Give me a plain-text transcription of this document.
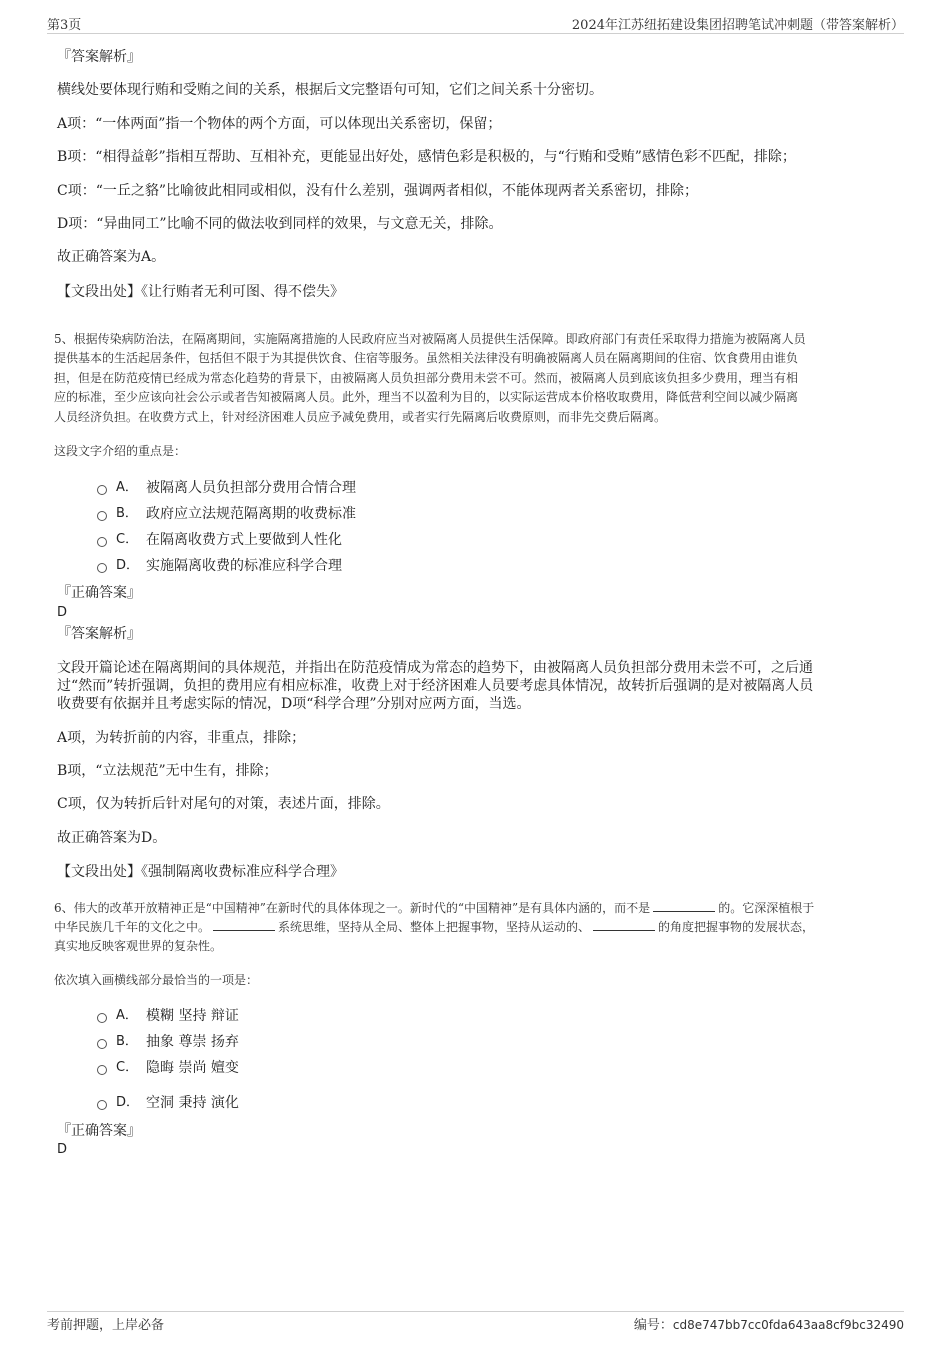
第3页	2024年江苏纽拓建设集团招聘笔试冲刺题（带答案解析）
『答案解析』
横线处要体现行贿和受贿之间的关系，根据后文完整语句可知，它们之间关系十分密切。
A项：“一体两面”指一个物体的两个方面，可以体现出关系密切，保留；
B项：“相得益彰”指相互帮助、互相补充，更能显出好处，感情色彩是积极的，与“行贿和受贿”感情色彩不匹配，排除；
C项：“一丘之貉”比喻彼此相同或相似，没有什么差别，强调两者相似，不能体现两者关系密切，排除；
D项：“异曲同工”比喻不同的做法收到同样的效果，与文意无关，排除。
故正确答案为A。
【文段出处】《让行贿者无利可图、得不偿失》
5、根据传染病防治法，在隔离期间，实施隔离措施的人民政府应当对被隔离人员提供生活保障。即政府部门有责任采取得力措施为被隔离人员
提供基本的生活起居条件，包括但不限于为其提供饮食、住宿等服务。虽然相关法律没有明确被隔离人员在隔离期间的住宿、饮食费用由谁负
担，但是在防范疫情已经成为常态化趋势的背景下，由被隔离人员负担部分费用未尝不可。然而，被隔离人员到底该负担多少费用，理当有相
应的标准，至少应该向社会公示或者告知被隔离人员。此外，理当不以盈利为目的，以实际运营成本价格收取费用，降低营利空间以减少隔离
人员经济负担。在收费方式上，针对经济困难人员应予减免费用，或者实行先隔离后收费原则，而非先交费后隔离。
这段文字介绍的重点是：
A． 被隔离人员负担部分费用合情合理
B． 政府应立法规范隔离期的收费标准
C． 在隔离收费方式上要做到人性化
D． 实施隔离收费的标准应科学合理
『正确答案』
D
『答案解析』
文段开篇论述在隔离期间的具体规范，并指出在防范疫情成为常态的趋势下，由被隔离人员负担部分费用未尝不可，之后通
过“然而”转折强调，负担的费用应有相应标准，收费上对于经济困难人员要考虑具体情况，故转折后强调的是对被隔离人员
收费要有依据并且考虑实际的情况，D项“科学合理”分别对应两方面，当选。
A项，为转折前的内容，非重点，排除；
B项，“立法规范”无中生有，排除；
C项，仅为转折后针对尾句的对策，表述片面，排除。
故正确答案为D。
【文段出处】《强制隔离收费标准应科学合理》
6、伟大的改革开放精神正是“中国精神”在新时代的具体体现之一。新时代的“中国精神”是有具体内涵的，而不是	的。它深深植根于
中华民族几千年的文化之中。	系统思维，坚持从全局、整体上把握事物，坚持从运动的、	的角度把握事物的发展状态，
真实地反映客观世界的复杂性。
依次填入画横线部分最恰当的一项是：
A． 模糊 坚持 辩证
B． 抽象 尊崇 扬弃
C． 隐晦 崇尚 嬗变
D． 空洞 秉持 演化
『正确答案』
D
考前押题，上岸必备	编号：cd8e747bb7cc0fda643aa8cf9bc32490
